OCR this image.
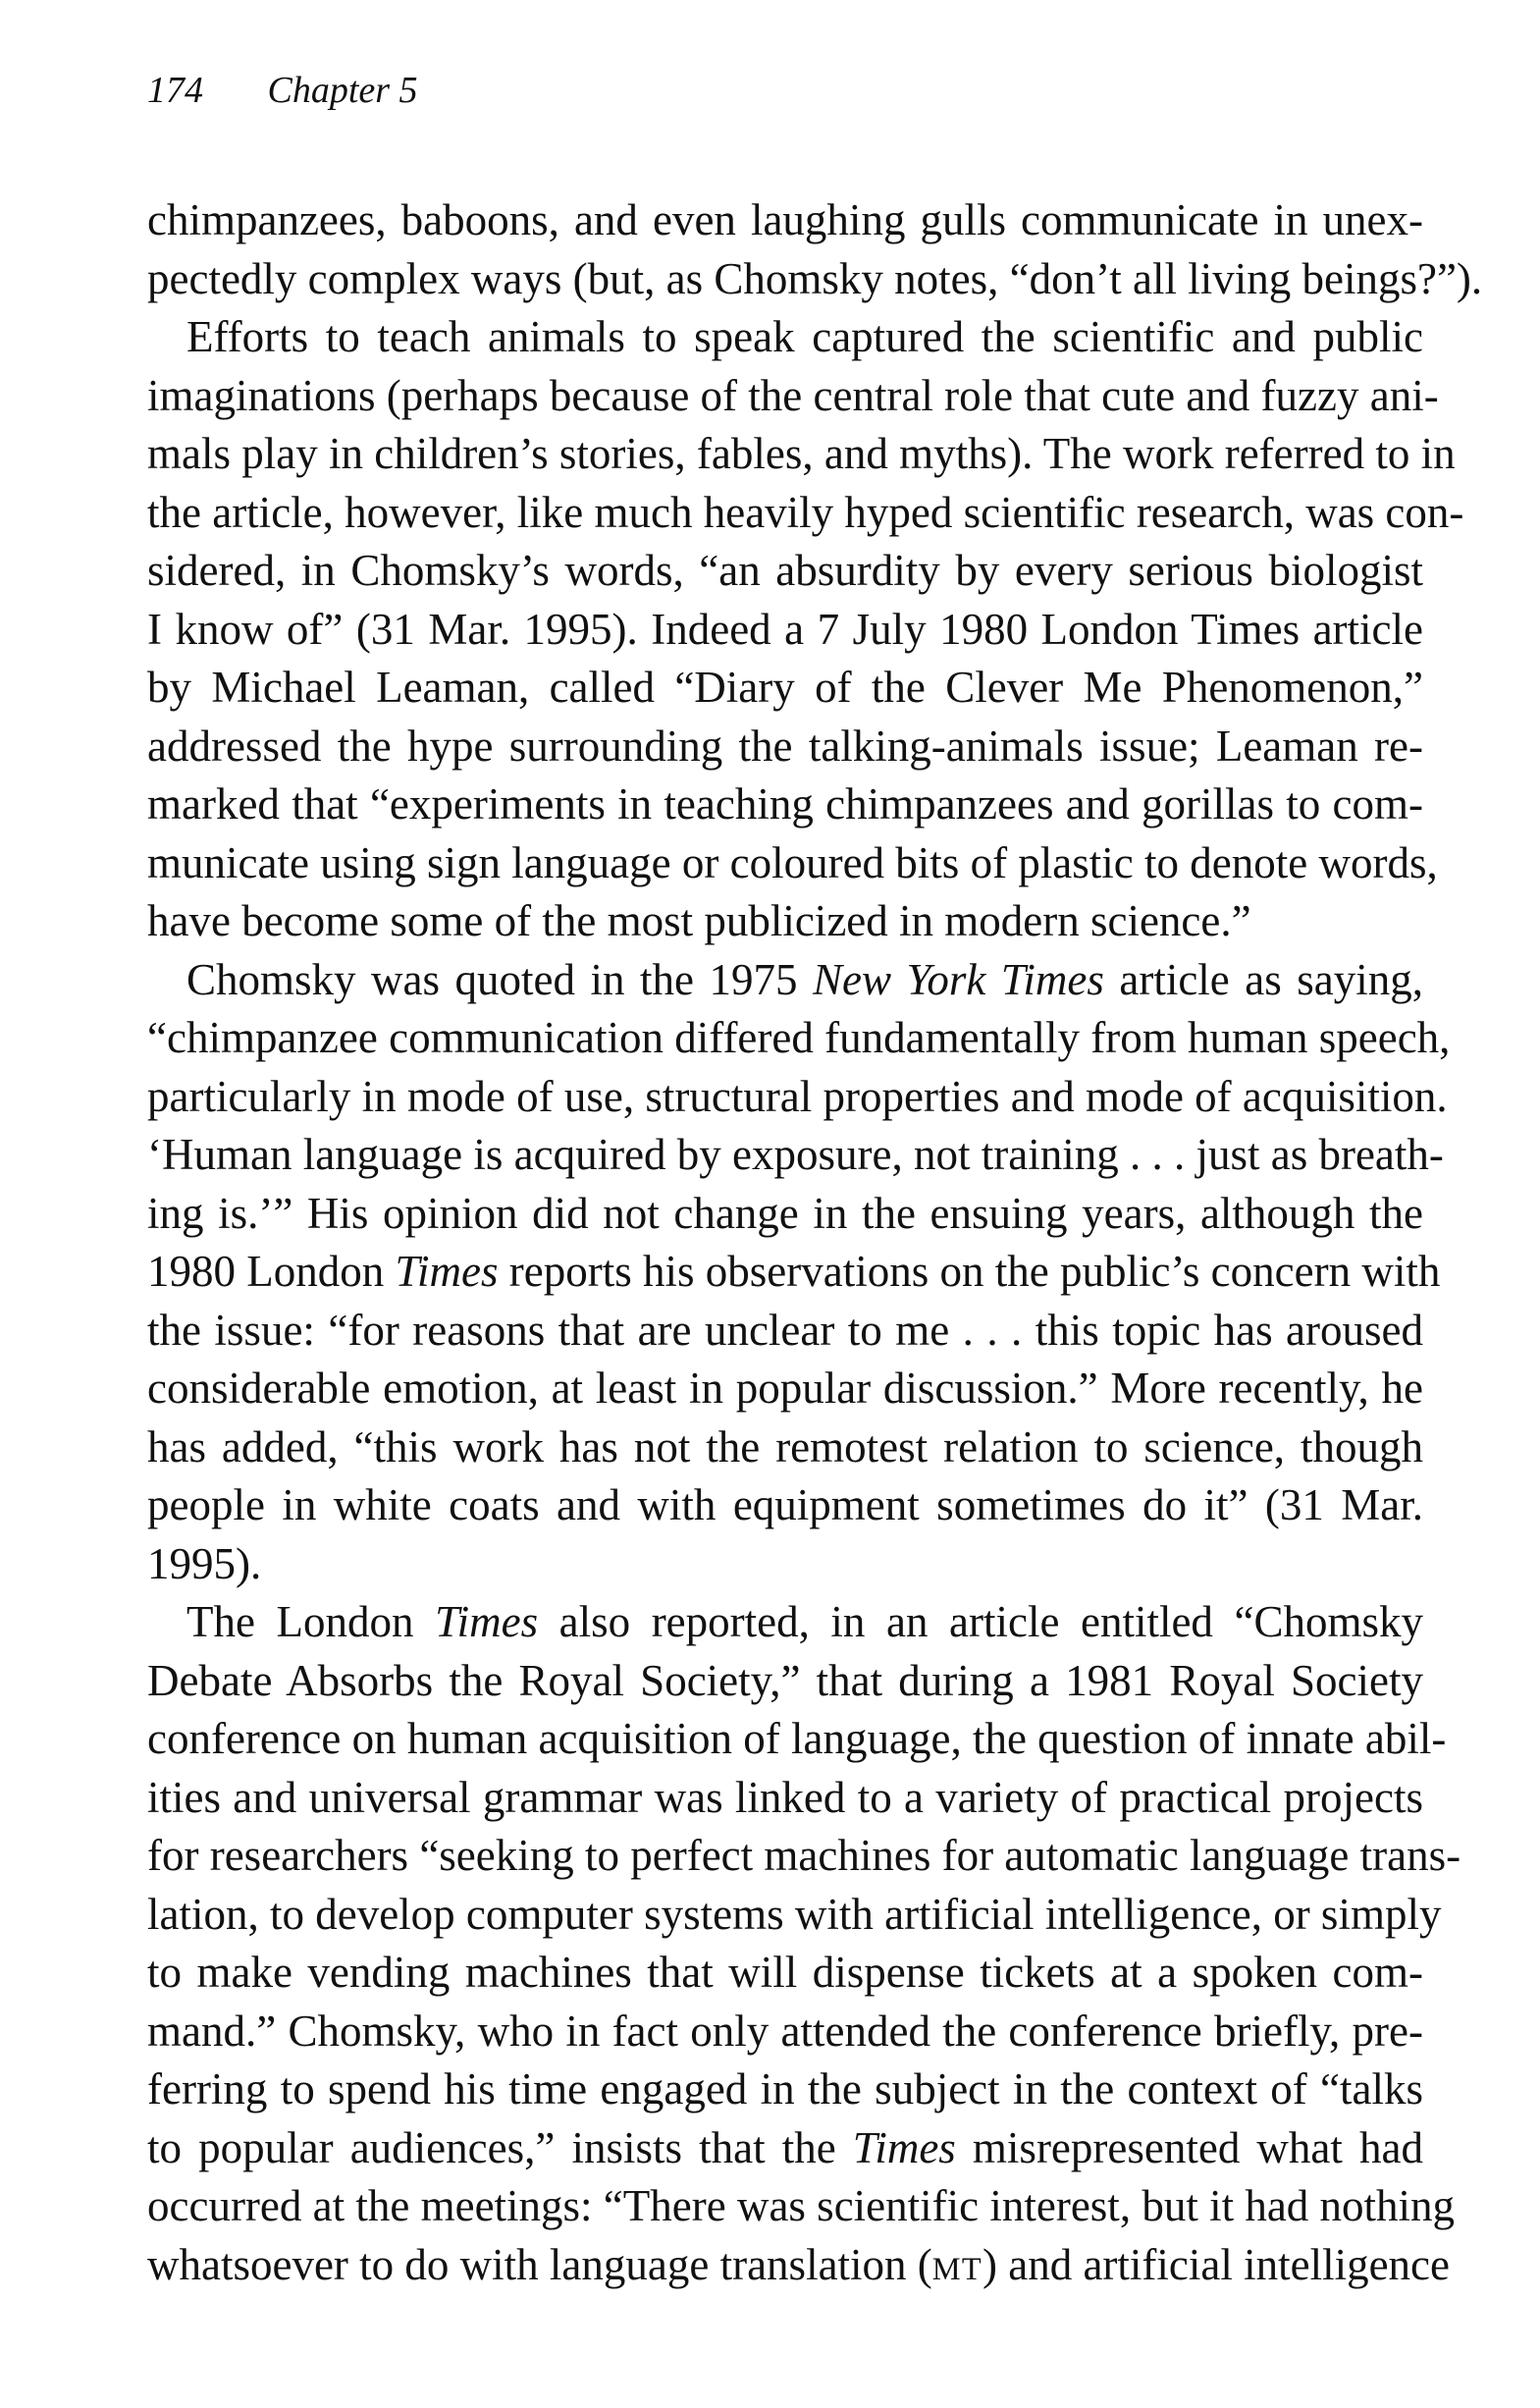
174 Chapter 5
chimpanzees, baboons, and even laughing gulls communicate in unex-
pectedly complex ways (but, as Chomsky notes, “don’t all living beings?”).
Efforts to teach animals to speak captured the scientific and public
imaginations (perhaps because of the central role that cute and fuzzy ani-
mals play in children’s stories, fables, and myths). The work referred to in
the article, however, like much heavily hyped scientific research, was con-
sidered, in Chomsky’s words, “an absurdity by every serious biologist
I know of” (31 Mar. 1995). Indeed a 7 July 1980 London Times article
by Michael Leaman, called “Diary of the Clever Me Phenomenon,”
addressed the hype surrounding the talking-animals issue; Leaman re-
marked that “experiments in teaching chimpanzees and gorillas to com-
municate using sign language or coloured bits of plastic to denote words,
have become some of the most publicized in modern science.”
Chomsky was quoted in the 1975 New York Times article as saying,
“chimpanzee communication differed fundamentally from human speech,
particularly in mode of use, structural properties and mode of acquisition.
‘Human language is acquired by exposure, not training . . . just as breath-
ing is.’” His opinion did not change in the ensuing years, although the
1980 London Times reports his observations on the public’s concern with
the issue: “for reasons that are unclear to me . . . this topic has aroused
considerable emotion, at least in popular discussion.” More recently, he
has added, “this work has not the remotest relation to science, though
people in white coats and with equipment sometimes do it” (31 Mar.
1995).
The London Times also reported, in an article entitled “Chomsky
Debate Absorbs the Royal Society,” that during a 1981 Royal Society
conference on human acquisition of language, the question of innate abil-
ities and universal grammar was linked to a variety of practical projects
for researchers “seeking to perfect machines for automatic language trans-
lation, to develop computer systems with artificial intelligence, or simply
to make vending machines that will dispense tickets at a spoken com-
mand.” Chomsky, who in fact only attended the conference briefly, pre-
ferring to spend his time engaged in the subject in the context of “talks
to popular audiences,” insists that the Times misrepresented what had
occurred at the meetings: “There was scientific interest, but it had nothing
whatsoever to do with language translation (MT) and artificial intelligence
